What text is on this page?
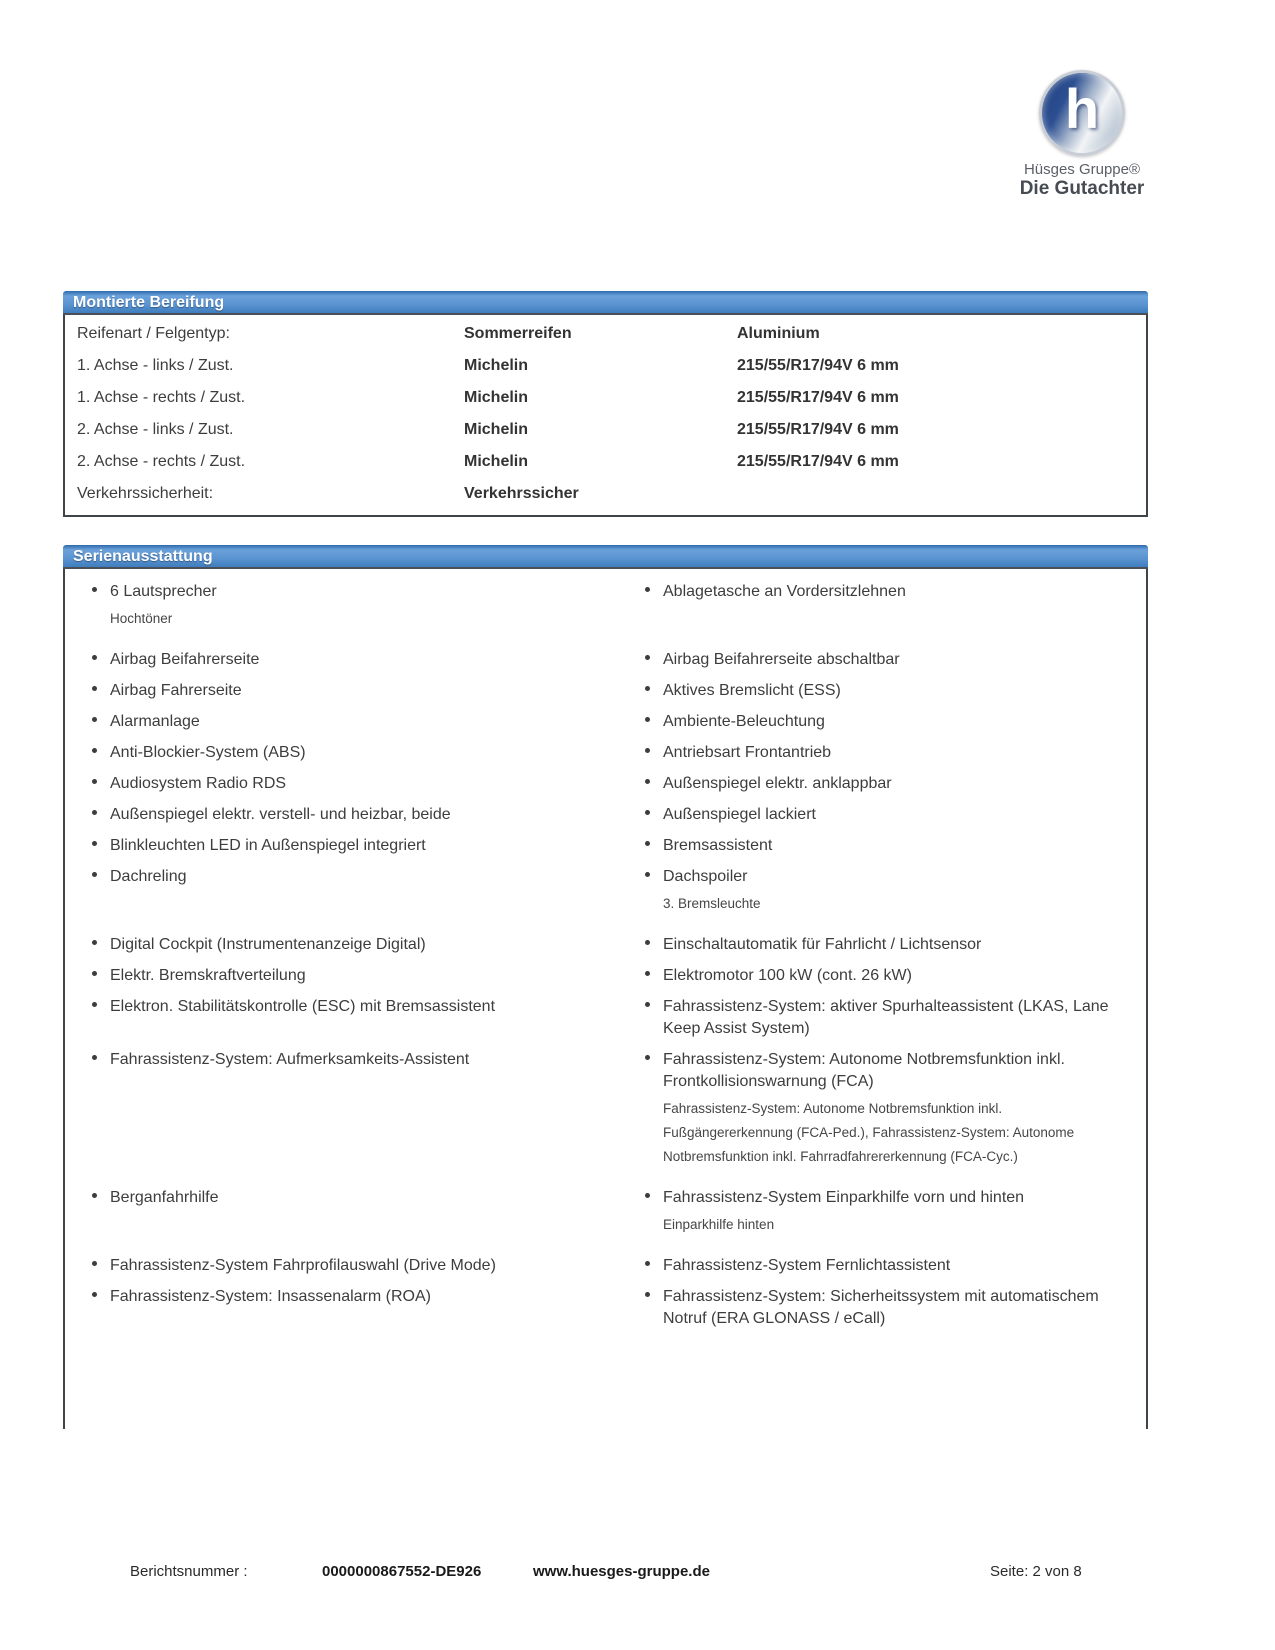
h
Hüsges Gruppe®
Die Gutachter
Montierte Bereifung
Reifenart / Felgentyp:	Sommerreifen	Aluminium
1. Achse - links / Zust.	Michelin	215/55/R17/94V 6 mm
1. Achse - rechts / Zust.	Michelin	215/55/R17/94V 6 mm
2. Achse - links / Zust.	Michelin	215/55/R17/94V 6 mm
2. Achse - rechts / Zust.	Michelin	215/55/R17/94V 6 mm
Verkehrssicherheit:	Verkehrssicher
Serienausstattung
6 Lautsprecher
Hochtöner
Ablagetasche an Vordersitzlehnen
Airbag Beifahrerseite	Airbag Beifahrerseite abschaltbar
Airbag Fahrerseite	Aktives Bremslicht (ESS)
Alarmanlage	Ambiente-Beleuchtung
Anti-Blockier-System (ABS)	Antriebsart Frontantrieb
Audiosystem Radio RDS	Außenspiegel elektr. anklappbar
Außenspiegel elektr. verstell- und heizbar, beide	Außenspiegel lackiert
Blinkleuchten LED in Außenspiegel integriert	Bremsassistent
Dachreling	Dachspoiler
3. Bremsleuchte
Digital Cockpit (Instrumentenanzeige Digital)	Einschaltautomatik für Fahrlicht / Lichtsensor
Elektr. Bremskraftverteilung	Elektromotor 100 kW (cont. 26 kW)
Elektron. Stabilitätskontrolle (ESC) mit Bremsassistent	Fahrassistenz-System: aktiver Spurhalteassistent (LKAS, Lane Keep Assist System)
Fahrassistenz-System: Aufmerksamkeits-Assistent	Fahrassistenz-System: Autonome Notbremsfunktion inkl. Frontkollisionswarnung (FCA)
Fahrassistenz-System: Autonome Notbremsfunktion inkl. Fußgängererkennung (FCA-Ped.), Fahrassistenz-System: Autonome Notbremsfunktion inkl. Fahrradfahrererkennung (FCA-Cyc.)
Berganfahrhilfe	Fahrassistenz-System Einparkhilfe vorn und hinten
Einparkhilfe hinten
Fahrassistenz-System Fahrprofilauswahl (Drive Mode)	Fahrassistenz-System Fernlichtassistent
Fahrassistenz-System: Insassenalarm (ROA)	Fahrassistenz-System: Sicherheitssystem mit automatischem Notruf (ERA GLONASS / eCall)
Berichtsnummer :	0000000867552-DE926	www.huesges-gruppe.de	Seite: 2 von 8
